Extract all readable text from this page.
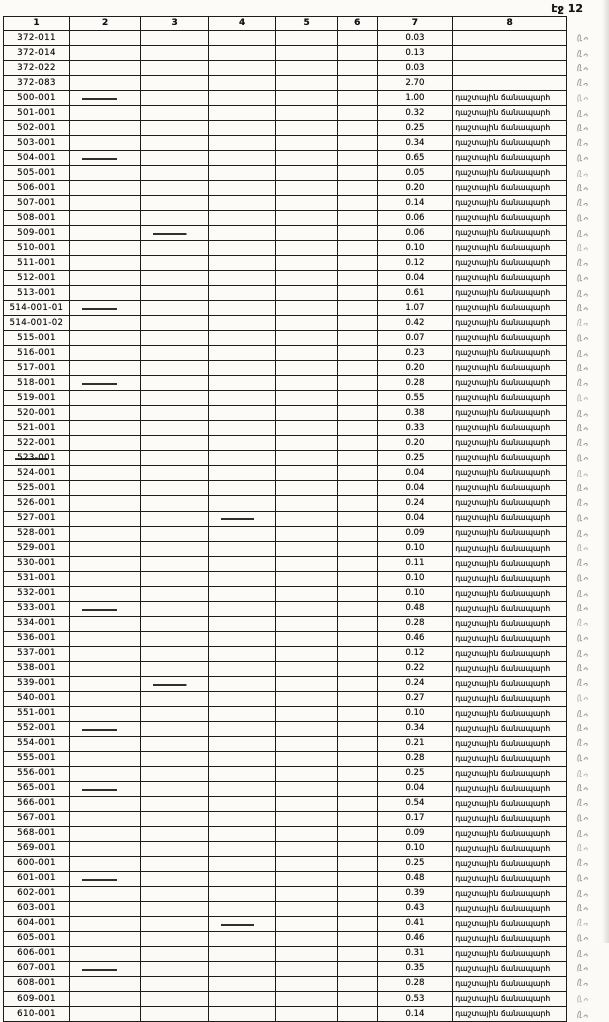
էջ 12
1	2	3	4	5	6	7	8	
372-011						0.03		
372-014						0.13		
372-022						0.03		
372-083						2.70		
500-001						1.00	դաշտային ճանապարհ	
501-001						0.32	դաշտային ճանապարհ	
502-001						0.25	դաշտային ճանապարհ	
503-001						0.34	դաշտային ճանապարհ	
504-001						0.65	դաշտային ճանապարհ	
505-001						0.05	դաշտային ճանապարհ	
506-001						0.20	դաշտային ճանապարհ	
507-001						0.14	դաշտային ճանապարհ	
508-001						0.06	դաշտային ճանապարհ	
509-001						0.06	դաշտային ճանապարհ	
510-001						0.10	դաշտային ճանապարհ	
511-001						0.12	դաշտային ճանապարհ	
512-001						0.04	դաշտային ճանապարհ	
513-001						0.61	դաշտային ճանապարհ	
514-001-01						1.07	դաշտային ճանապարհ	
514-001-02						0.42	դաշտային ճանապարհ	
515-001						0.07	դաշտային ճանապարհ	
516-001						0.23	դաշտային ճանապարհ	
517-001						0.20	դաշտային ճանապարհ	
518-001						0.28	դաշտային ճանապարհ	
519-001						0.55	դաշտային ճանապարհ	
520-001						0.38	դաշտային ճանապարհ	
521-001						0.33	դաշտային ճանապարհ	
522-001						0.20	դաշտային ճանապարհ	
523-001						0.25	դաշտային ճանապարհ	
524-001						0.04	դաշտային ճանապարհ	
525-001						0.04	դաշտային ճանապարհ	
526-001						0.24	դաշտային ճանապարհ	
527-001						0.04	դաշտային ճանապարհ	
528-001						0.09	դաշտային ճանապարհ	
529-001						0.10	դաշտային ճանապարհ	
530-001						0.11	դաշտային ճանապարհ	
531-001						0.10	դաշտային ճանապարհ	
532-001						0.10	դաշտային ճանապարհ	
533-001						0.48	դաշտային ճանապարհ	
534-001						0.28	դաշտային ճանապարհ	
536-001						0.46	դաշտային ճանապարհ	
537-001						0.12	դաշտային ճանապարհ	
538-001						0.22	դաշտային ճանապարհ	
539-001						0.24	դաշտային ճանապարհ	
540-001						0.27	դաշտային ճանապարհ	
551-001						0.10	դաշտային ճանապարհ	
552-001						0.34	դաշտային ճանապարհ	
554-001						0.21	դաշտային ճանապարհ	
555-001						0.28	դաշտային ճանապարհ	
556-001						0.25	դաշտային ճանապարհ	
565-001						0.04	դաշտային ճանապարհ	
566-001						0.54	դաշտային ճանապարհ	
567-001						0.17	դաշտային ճանապարհ	
568-001						0.09	դաշտային ճանապարհ	
569-001						0.10	դաշտային ճանապարհ	
600-001						0.25	դաշտային ճանապարհ	
601-001						0.48	դաշտային ճանապարհ	
602-001						0.39	դաշտային ճանապարհ	
603-001						0.43	դաշտային ճանապարհ	
604-001						0.41	դաշտային ճանապարհ	
605-001						0.46	դաշտային ճանապարհ	
606-001						0.31	դաշտային ճանապարհ	
607-001						0.35	դաշտային ճանապարհ	
608-001						0.28	դաշտային ճանապարհ	
609-001						0.53	դաշտային ճանապարհ	
610-001						0.14	դաշտային ճանապարհ	
